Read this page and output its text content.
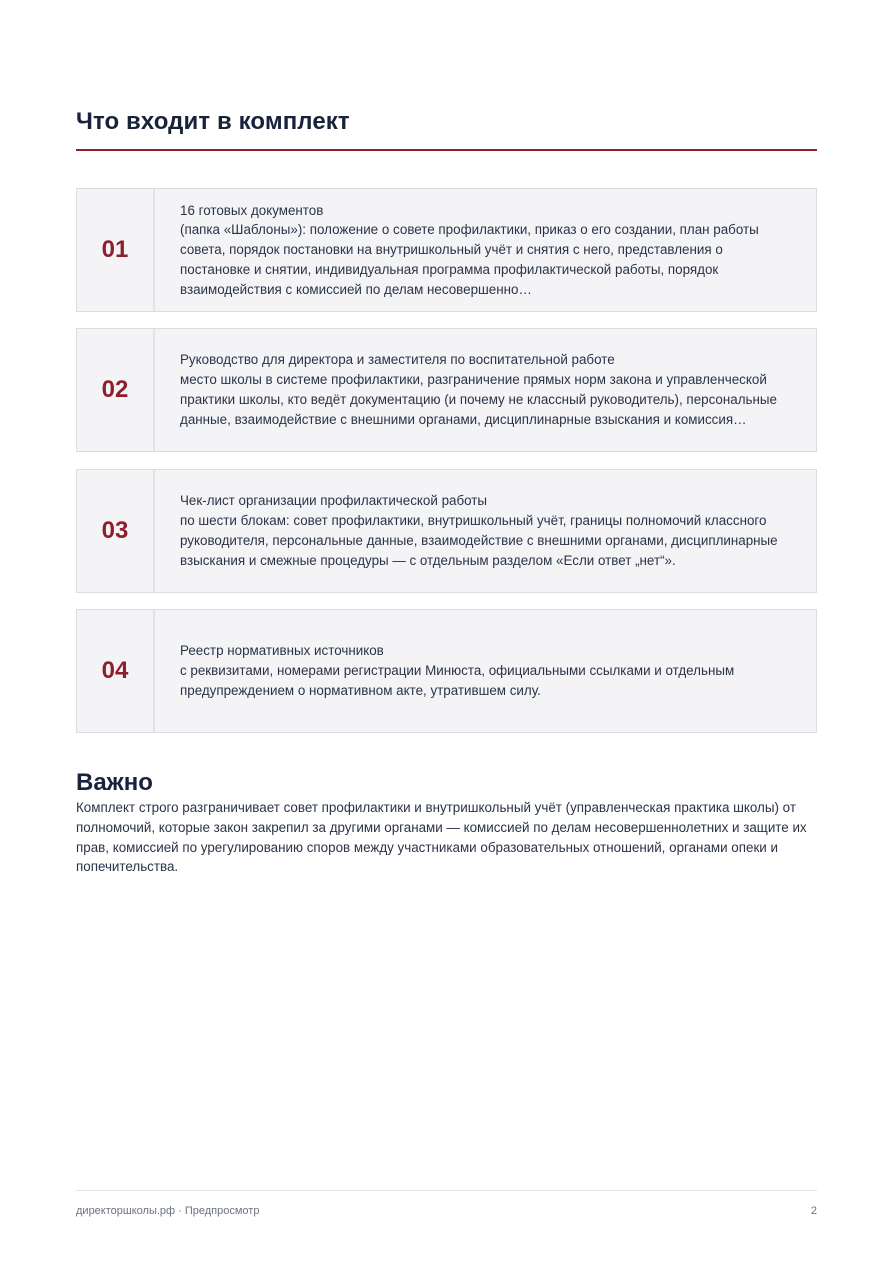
Что входит в комплект
01
16 готовых документов
(папка «Шаблоны»): положение о совете профилактики, приказ о его создании, план работы совета, порядок постановки на внутришкольный учёт и снятия с него, представления о постановке и снятии, индивидуальная программа профилактической работы, порядок взаимодействия с комиссией по делам несовершенно…
02
Руководство для директора и заместителя по воспитательной работе
место школы в системе профилактики, разграничение прямых норм закона и управленческой практики школы, кто ведёт документацию (и почему не классный руководитель), персональные данные, взаимодействие с внешними органами, дисциплинарные взыскания и комиссия…
03
Чек-лист организации профилактической работы
по шести блокам: совет профилактики, внутришкольный учёт, границы полномочий классного руководителя, персональные данные, взаимодействие с внешними органами, дисциплинарные взыскания и смежные процедуры — с отдельным разделом «Если ответ „нет“».
04
Реестр нормативных источников
с реквизитами, номерами регистрации Минюста, официальными ссылками и отдельным предупреждением о нормативном акте, утратившем силу.
Важно

Комплект строго разграничивает совет профилактики и внутришкольный учёт (управленческая практика школы) от полномочий, которые закон закрепил за другими органами — комиссией по делам несовершеннолетних и защите их прав, комиссией по урегулированию споров между участниками образовательных отношений, органами опеки и попечительства.

директоршколы.рф · Предпросмотр	2
